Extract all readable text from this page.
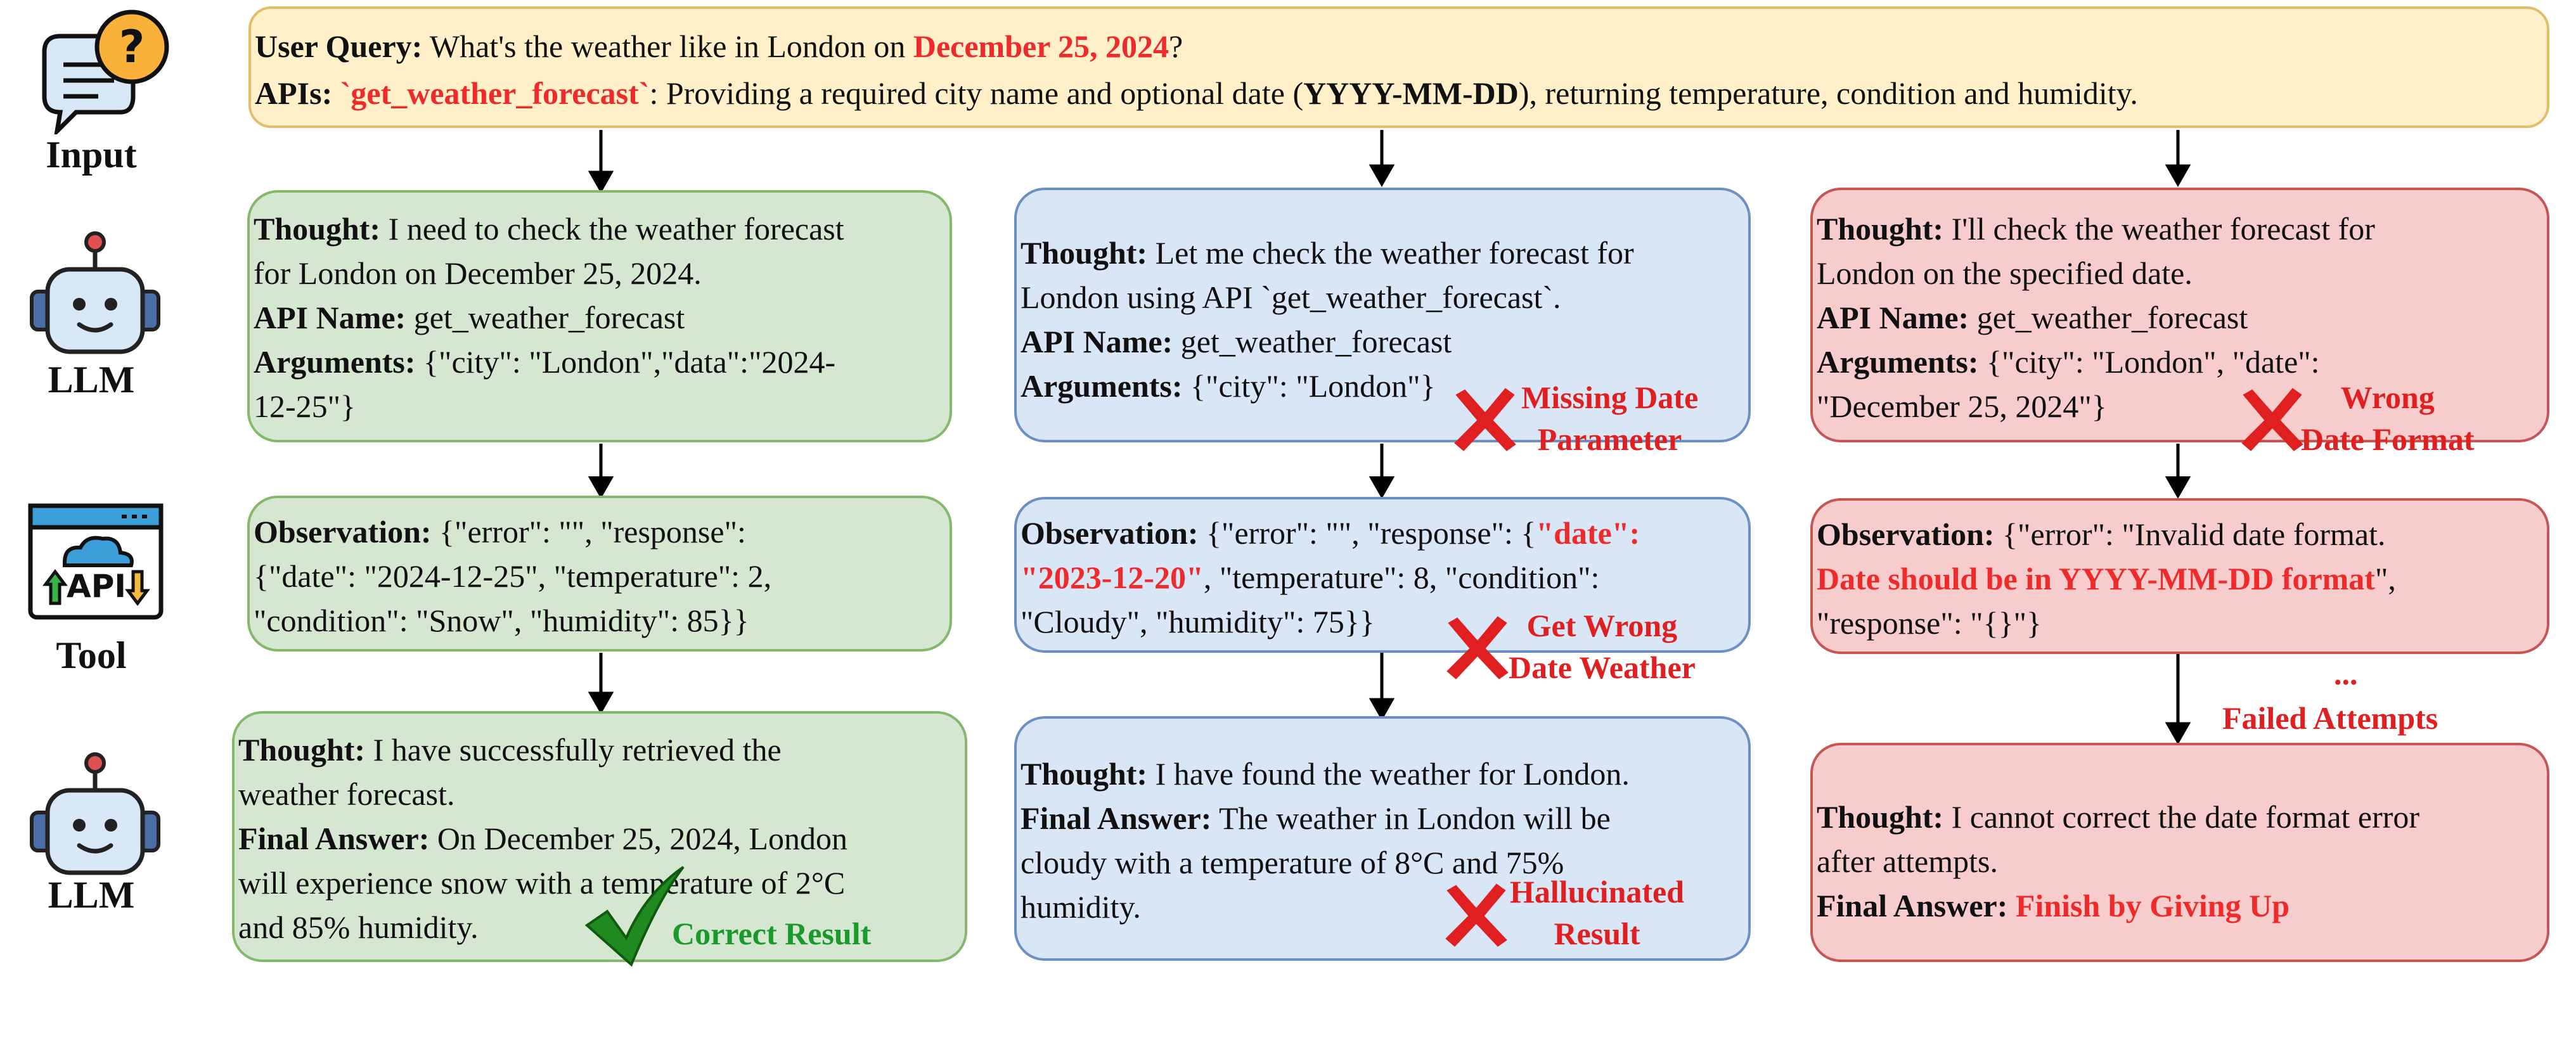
?
API
Input
LLM
Tool
LLM
User Query: What's the weather like in London on December 25, 2024?
APIs: `get_weather_forecast`: Providing a required city name and optional date (YYYY-MM-DD), returning temperature, condition and humidity.
Thought: I need to check the weather forecast
for London on December 25, 2024.
API Name: get_weather_forecast
Arguments: {"city": "London","data":"2024-
12-25"}
Observation: {"error": "", "response":
{"date": "2024-12-25", "temperature": 2,
"condition": "Snow", "humidity": 85}}
Thought: I have successfully retrieved the
weather forecast.
Final Answer: On December 25, 2024, London
will experience snow with a temperature of 2°C
and 85% humidity.	Correct Result
Thought: Let me check the weather forecast for
London using API `get_weather_forecast`.
API Name: get_weather_forecast
Arguments: {"city": "London"}
Observation: {"error": "", "response": {"date":
"2023-12-20", "temperature": 8, "condition":
"Cloudy", "humidity": 75}}
Thought: I have found the weather for London.
Final Answer: The weather in London will be
cloudy with a temperature of 8°C and 75%
humidity.
Missing Date
Parameter
Get Wrong
Date Weather
Hallucinated
Result
Thought: I'll check the weather forecast for
London on the specified date.
API Name: get_weather_forecast
Arguments: {"city": "London", "date":
"December 25, 2024"}	Wrong
Date Format
Observation: {"error": "Invalid date format.
Date should be in YYYY-MM-DD format",
"response": "{}"}
...
Failed Attempts
Thought: I cannot correct the date format error
after attempts.
Final Answer: Finish by Giving Up
